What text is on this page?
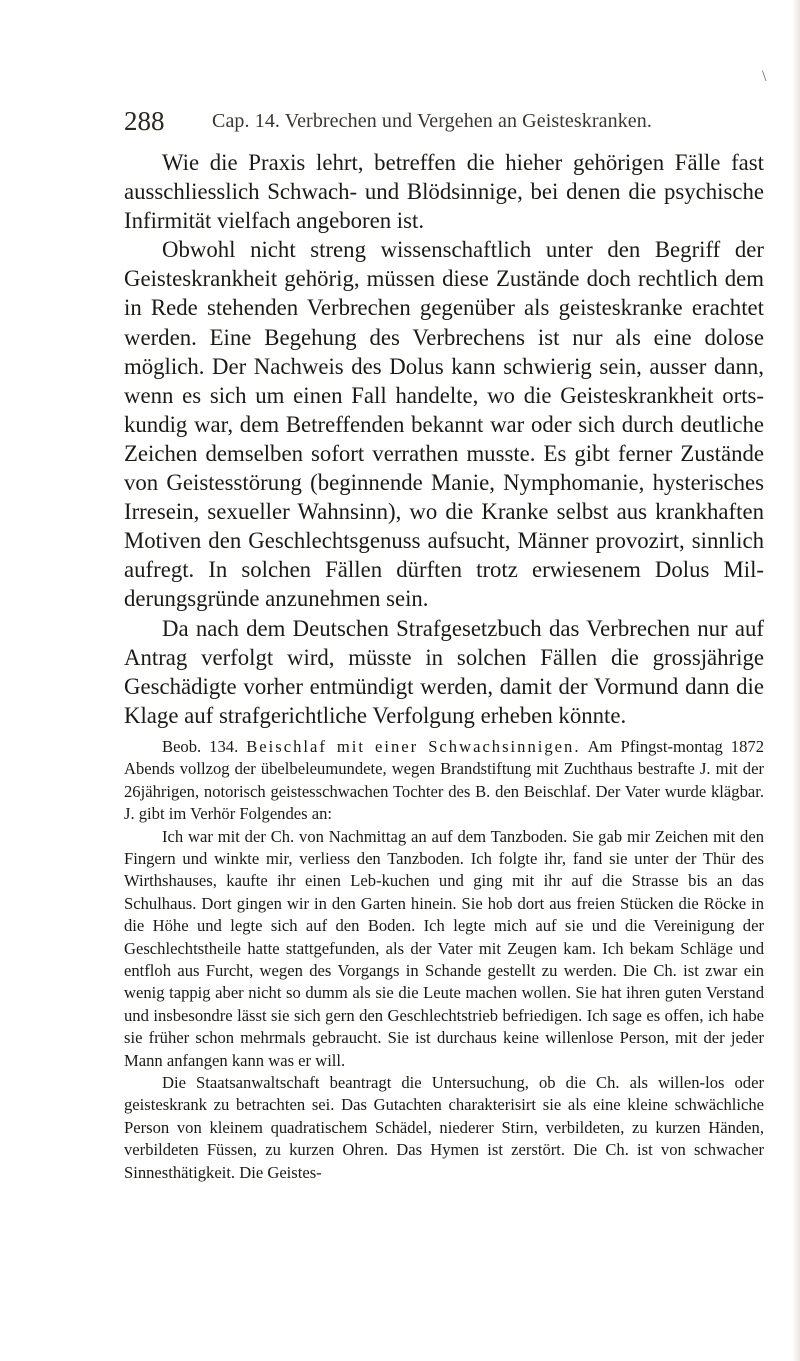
\
288 Cap. 14. Verbrechen und Vergehen an Geisteskranken.

Wie die Praxis lehrt, betreffen die hieher gehörigen Fälle fast ausschliesslich Schwach- und Blödsinnige, bei denen die psychische Infirmität vielfach angeboren ist.

Obwohl nicht streng wissenschaftlich unter den Begriff der Geisteskrankheit gehörig, müssen diese Zustände doch rechtlich dem in Rede stehenden Verbrechen gegenüber als geisteskranke erachtet werden. Eine Begehung des Verbrechens ist nur als eine dolose möglich. Der Nachweis des Dolus kann schwierig sein, ausser dann, wenn es sich um einen Fall handelte, wo die Geisteskrankheit orts-kundig war, dem Betreffenden bekannt war oder sich durch deutliche Zeichen demselben sofort verrathen musste. Es gibt ferner Zustände von Geistesstörung (beginnende Manie, Nymphomanie, hysterisches Irresein, sexueller Wahnsinn), wo die Kranke selbst aus krankhaften Motiven den Geschlechtsgenuss aufsucht, Männer provozirt, sinnlich aufregt. In solchen Fällen dürften trotz erwiesenem Dolus Mil-derungsgründe anzunehmen sein.

Da nach dem Deutschen Strafgesetzbuch das Verbrechen nur auf Antrag verfolgt wird, müsste in solchen Fällen die grossjährige Geschädigte vorher entmündigt werden, damit der Vormund dann die Klage auf strafgerichtliche Verfolgung erheben könnte.

Beob. 134. Beischlaf mit einer Schwachsinnigen. Am Pfingst-montag 1872 Abends vollzog der übelbeleumundete, wegen Brandstiftung mit Zuchthaus bestrafte J. mit der 26jährigen, notorisch geistesschwachen Tochter des B. den Beischlaf. Der Vater wurde klägbar. J. gibt im Verhör Folgendes an:

Ich war mit der Ch. von Nachmittag an auf dem Tanzboden. Sie gab mir Zeichen mit den Fingern und winkte mir, verliess den Tanzboden. Ich folgte ihr, fand sie unter der Thür des Wirthshauses, kaufte ihr einen Leb-kuchen und ging mit ihr auf die Strasse bis an das Schulhaus. Dort gingen wir in den Garten hinein. Sie hob dort aus freien Stücken die Röcke in die Höhe und legte sich auf den Boden. Ich legte mich auf sie und die Vereinigung der Geschlechtstheile hatte stattgefunden, als der Vater mit Zeugen kam. Ich bekam Schläge und entfloh aus Furcht, wegen des Vorgangs in Schande gestellt zu werden. Die Ch. ist zwar ein wenig tappig aber nicht so dumm als sie die Leute machen wollen. Sie hat ihren guten Verstand und insbesondre lässt sie sich gern den Geschlechtstrieb befriedigen. Ich sage es offen, ich habe sie früher schon mehrmals gebraucht. Sie ist durchaus keine willenlose Person, mit der jeder Mann anfangen kann was er will.

Die Staatsanwaltschaft beantragt die Untersuchung, ob die Ch. als willen-los oder geisteskrank zu betrachten sei. Das Gutachten charakterisirt sie als eine kleine schwächliche Person von kleinem quadratischem Schädel, niederer Stirn, verbildeten, zu kurzen Händen, verbildeten Füssen, zu kurzen Ohren. Das Hymen ist zerstört. Die Ch. ist von schwacher Sinnesthätigkeit. Die Geistes-
